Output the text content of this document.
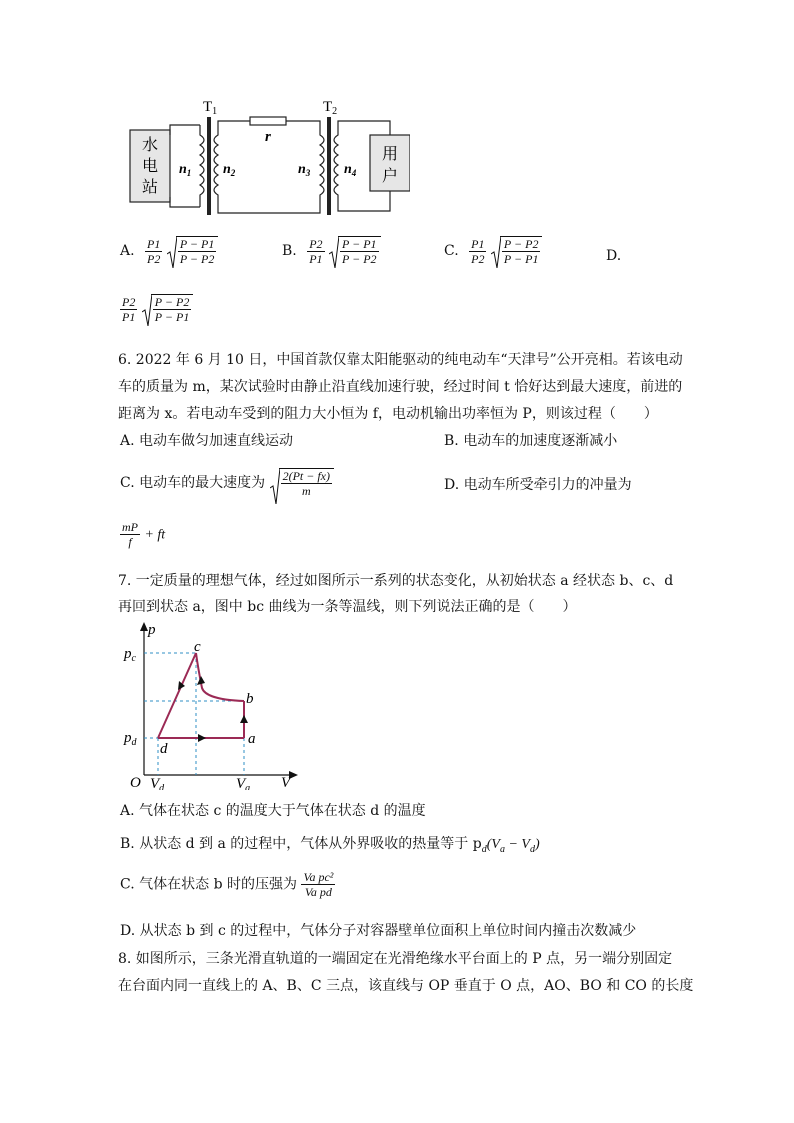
水
电
站
用
户
$T_1$	$T_2$
r
$n_1$ $n_2$	$n_3$ $n_4$
A. $\frac{P1}{P2}$
$\frac{P - P1}{P - P2}$	B. $\frac{P2}{P1}$
$\frac{P - P1}{P - P2}$	C. $\frac{P1}{P2}$
$\frac{P - P2}{P - P1}$	D.
$\frac{P2}{P1}$
$\frac{P - P2}{P - P1}$
6. 2022 年 6 月 10 日，中国首款仅靠太阳能驱动的纯电动车“天津号”公开亮相。若该电动
车的质量为 m，某次试验时由静止沿直线加速行驶，经过时间 t 恰好达到最大速度，前进的
距离为 x。若电动车受到的阻力大小恒为 f，电动机输出功率恒为 P，则该过程（　　）
A. 电动车做匀加速直线运动	B. 电动车的加速度逐渐减小
C. 电动车的最大速度为 $\frac{2(Pt - fx)}{m}$	D. 电动车所受牵引力的冲量为
$\frac{mP}{f}$ + ft
7. 一定质量的理想气体，经过如图所示一系列的状态变化，从初始状态 a 经状态 b、c、d
再回到状态 a，图中 bc 曲线为一条等温线，则下列说法正确的是（　　）
p
V
O
$p_c$
$p_d$
$V_d$	$V_a$
a
b
c
d
A. 气体在状态 c 的温度大于气体在状态 d 的温度
B. 从状态 d 到 a 的过程中，气体从外界吸收的热量等于 $p_d(V_a - V_d)$
C. 气体在状态 b 时的压强为 $\frac{\text{Va pc²}}{\text{Va pd}}$
D. 从状态 b 到 c 的过程中，气体分子对容器壁单位面积上单位时间内撞击次数减少
8. 如图所示，三条光滑直轨道的一端固定在光滑绝缘水平台面上的 P 点，另一端分别固定
在台面内同一直线上的 A、B、C 三点，该直线与 OP 垂直于 O 点，AO、BO 和 CO 的长度
